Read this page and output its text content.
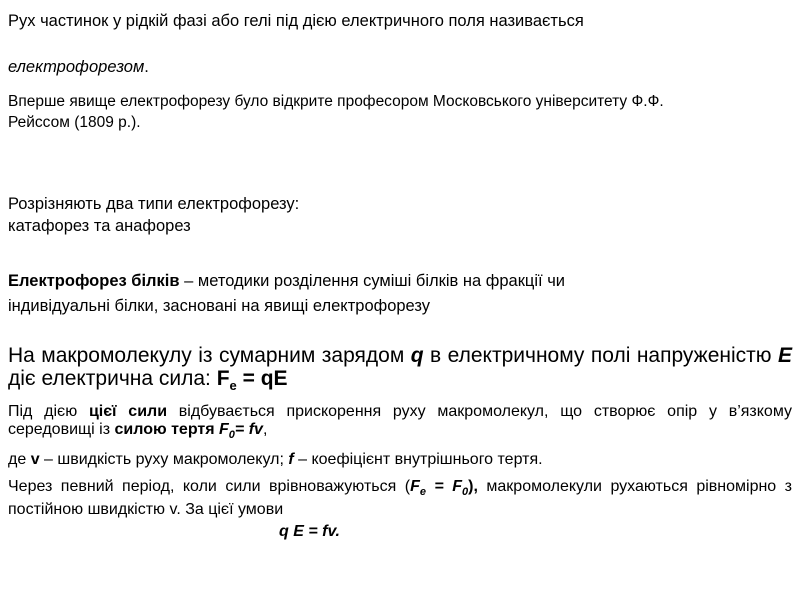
Рух частинок у рідкій фазі або гелі під дією електричного поля називається

електрофорезом.

Вперше явище електрофорезу було відкрите професором Московського університету Ф.Ф.
Рейссом (1809 р.).

Розрізняють два типи електрофорезу:
катафорез та анафорез

Електрофорез білків – методики розділення суміші білків на фракції чи
індивідуальні білки, засновані на явищі електрофорезу

На макромолекулу із сумарним зарядом q в електричному полі напруженістю E діє електрична сила: $F_e$ = qE

Під дією цієї сили відбувається прискорення руху макромолекул, що створює опір у в’язкому середовищі із силою тертя $F_0=$ fv,

де v – швидкість руху макромолекул; f – коефіцієнт внутрішнього тертя.

Через певний період, коли сили врівноважуються $(F_e = F_0)$, макромолекули рухаються рівномірно з постійною швидкістю v. За цієї умови

q E = fv.
